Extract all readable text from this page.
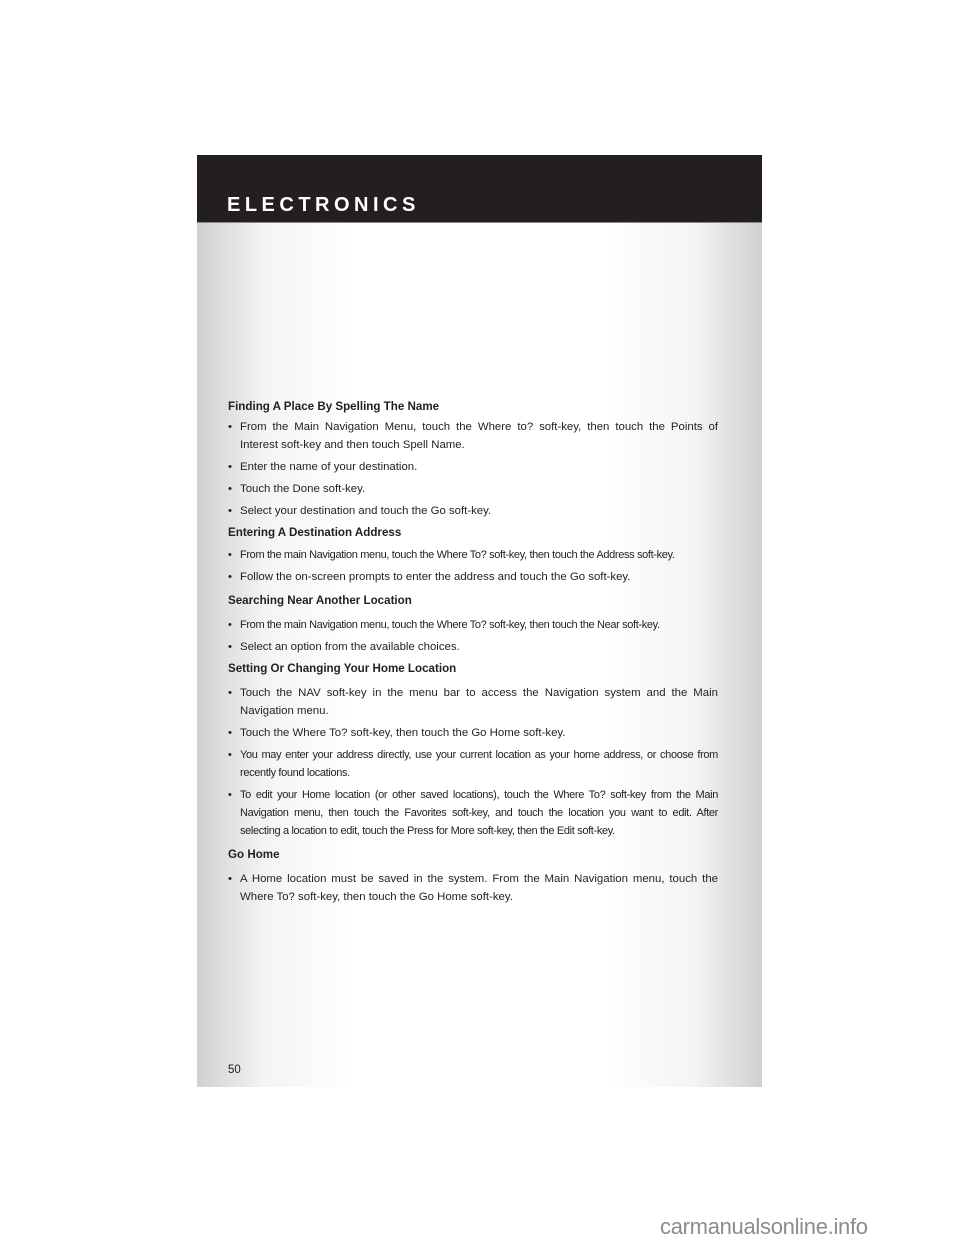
ELECTRONICS
Finding A Place By Spelling The Name
• From the Main Navigation Menu, touch the Where to? soft-key, then touch the Points of Interest soft-key and then touch Spell Name.
• Enter the name of your destination.
• Touch the Done soft-key.
• Select your destination and touch the Go soft-key.
Entering A Destination Address
• From the main Navigation menu, touch the Where To? soft-key, then touch the Address soft-key.
• Follow the on-screen prompts to enter the address and touch the Go soft-key.
Searching Near Another Location
• From the main Navigation menu, touch the Where To? soft-key, then touch the Near soft-key.
• Select an option from the available choices.
Setting Or Changing Your Home Location
• Touch the NAV soft-key in the menu bar to access the Navigation system and the Main Navigation menu.
• Touch the Where To? soft-key, then touch the Go Home soft-key.
• You may enter your address directly, use your current location as your home address, or choose from recently found locations.
• To edit your Home location (or other saved locations), touch the Where To? soft-key from the Main Navigation menu, then touch the Favorites soft-key, and touch the location you want to edit. After selecting a location to edit, touch the Press for More soft-key, then the Edit soft-key.
Go Home
• A Home location must be saved in the system. From the Main Navigation menu, touch the Where To? soft-key, then touch the Go Home soft-key.
50
carmanualsonline.info
